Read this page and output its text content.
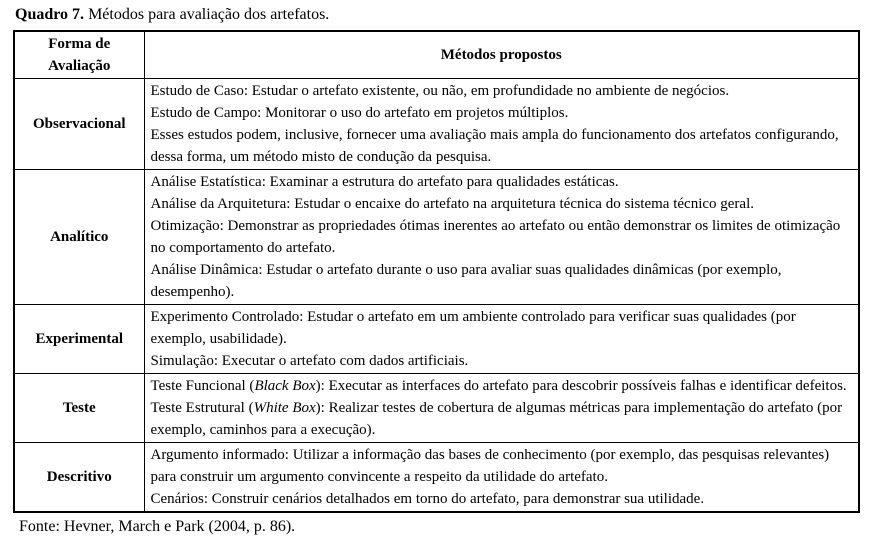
Quadro 7. Métodos para avaliação dos artefatos.
Forma de Avaliação	Métodos propostos
Observacional	Estudo de Caso: Estudar o artefato existente, ou não, em profundidade no ambiente de negócios.

Estudo de Campo: Monitorar o uso do artefato em projetos múltiplos.

Esses estudos podem, inclusive, fornecer uma avaliação mais ampla do funcionamento dos artefatos configurando, dessa forma, um método misto de condução da pesquisa.

Analítico	Análise Estatística: Examinar a estrutura do artefato para qualidades estáticas.

Análise da Arquitetura: Estudar o encaixe do artefato na arquitetura técnica do sistema técnico geral.

Otimização: Demonstrar as propriedades ótimas inerentes ao artefato ou então demonstrar os limites de otimização no comportamento do artefato.

Análise Dinâmica: Estudar o artefato durante o uso para avaliar suas qualidades dinâmicas (por exemplo, desempenho).

Experimental	Experimento Controlado: Estudar o artefato em um ambiente controlado para verificar suas qualidades (por exemplo, usabilidade).

Simulação: Executar o artefato com dados artificiais.

Teste	Teste Funcional (Black Box): Executar as interfaces do artefato para descobrir possíveis falhas e identificar defeitos.

Teste Estrutural (White Box): Realizar testes de cobertura de algumas métricas para implementação do artefato (por exemplo, caminhos para a execução).

Descritivo	Argumento informado: Utilizar a informação das bases de conhecimento (por exemplo, das pesquisas relevantes) para construir um argumento convincente a respeito da utilidade do artefato.

Cenários: Construir cenários detalhados em torno do artefato, para demonstrar sua utilidade.

Fonte: Hevner, March e Park (2004, p. 86).
